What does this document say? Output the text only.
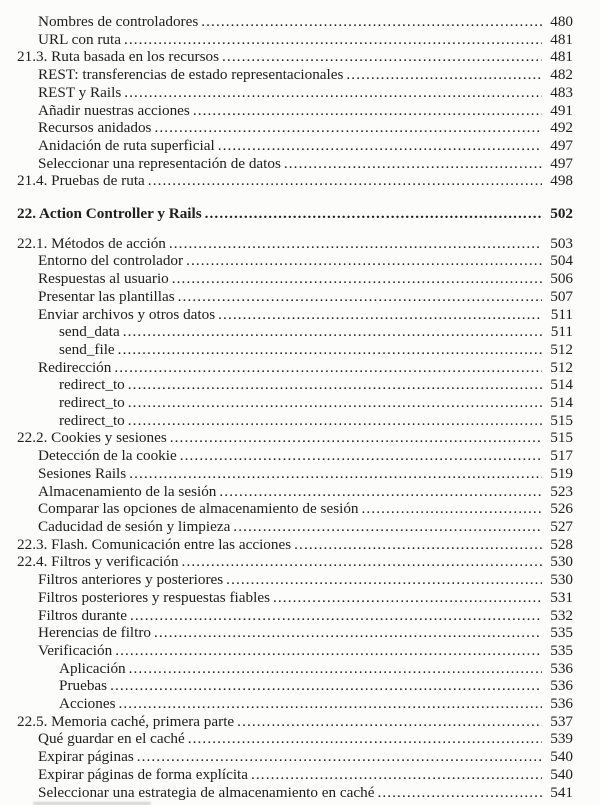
Nombres de controladores .....	480
URL con ruta .....	481
21.3. Ruta basada en los recursos .....	481
REST: transferencias de estado representacionales .....	482
REST y Rails .....	483
Añadir nuestras acciones .....	491
Recursos anidados .....	492
Anidación de ruta superficial .....	497
Seleccionar una representación de datos .....	497
21.4. Pruebas de ruta .....	498
22. Action Controller y Rails .....	502
22.1. Métodos de acción .....	503
Entorno del controlador .....	504
Respuestas al usuario .....	506
Presentar las plantillas .....	507
Enviar archivos y otros datos .....	511
send_data .....	511
send_file .....	512
Redirección .....	512
redirect_to .....	514
redirect_to .....	514
redirect_to .....	515
22.2. Cookies y sesiones .....	515
Detección de la cookie .....	517
Sesiones Rails .....	519
Almacenamiento de la sesión .....	523
Comparar las opciones de almacenamiento de sesión .....	526
Caducidad de sesión y limpieza .....	527
22.3. Flash. Comunicación entre las acciones .....	528
22.4. Filtros y verificación .....	530
Filtros anteriores y posteriores .....	530
Filtros posteriores y respuestas fiables .....	531
Filtros durante .....	532
Herencias de filtro .....	535
Verificación .....	535
Aplicación .....	536
Pruebas .....	536
Acciones .....	536
22.5. Memoria caché, primera parte .....	537
Qué guardar en el caché .....	539
Expirar páginas .....	540
Expirar páginas de forma explícita .....	540
Seleccionar una estrategia de almacenamiento en caché .....	541
